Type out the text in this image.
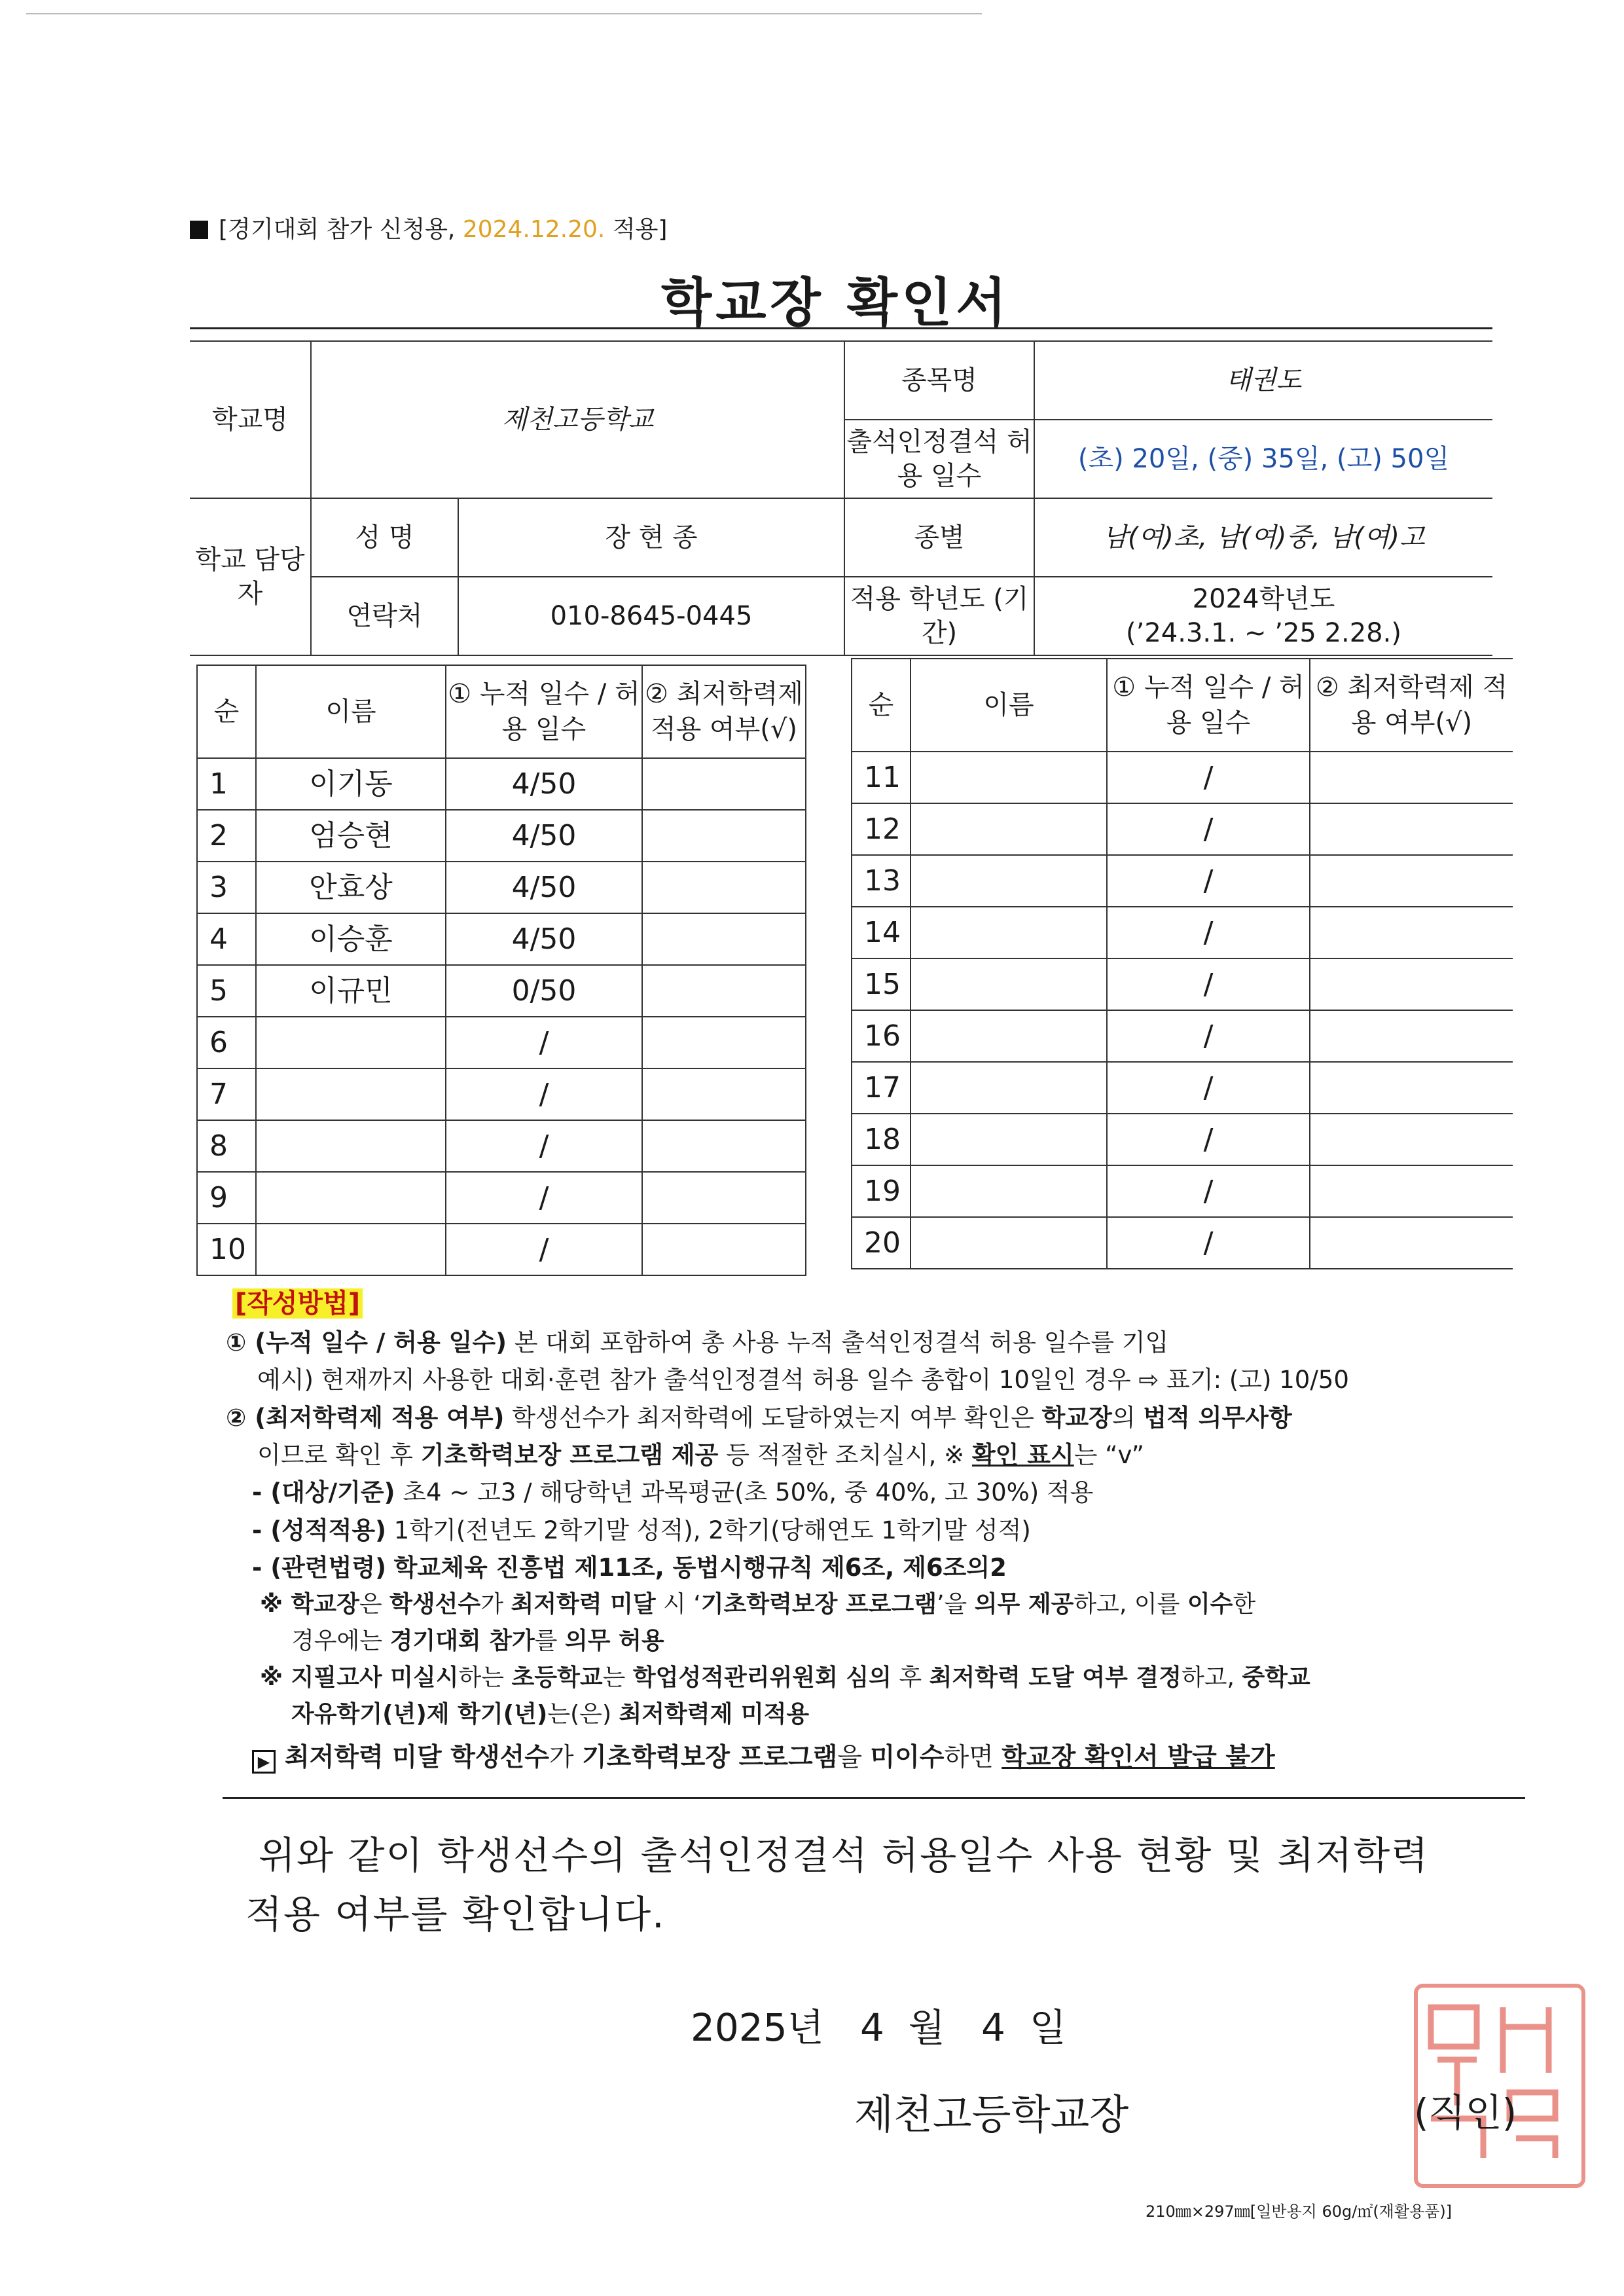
[경기대회 참가 신청용, 2024.12.20. 적용]
학교장 확인서
학교명	제천고등학교		종목명	태권도
			출석인정결석 허용 일수	(초) 20일, (중) 35일, (고) 50일
학교 담당자	성 명	장 현 종	종별	남(여)초, 남(여)중, 남(여)고
	연락처	010-8645-0445	적용 학년도 (기간)	2024학년도
(’24.3.1. ~ ’25 2.28.)
순	이름	① 누적 일수 / 허용 일수	② 최저학력제 적용 여부(√)
1	이기동	4/50	
2	엄승현	4/50	
3	안효상	4/50	
4	이승훈	4/50	
5	이규민	0/50	
6		/	
7		/	
8		/	
9		/	
10		/	
순	이름	① 누적 일수 / 허용 일수	② 최저학력제 적용 여부(√)
11		/	
12		/	
13		/	
14		/	
15		/	
16		/	
17		/	
18		/	
19		/	
20		/	
[작성방법]
① (누적 일수 / 허용 일수) 본 대회 포함하여 총 사용 누적 출석인정결석 허용 일수를 기입
예시) 현재까지 사용한 대회·훈련 참가 출석인정결석 허용 일수 총합이 10일인 경우 ⇨ 표기: (고) 10/50
② (최저학력제 적용 여부) 학생선수가 최저학력에 도달하였는지 여부 확인은 학교장의 법적 의무사항
이므로 확인 후 기초학력보장 프로그램 제공 등 적절한 조치실시, ※ 확인 표시는 “v”
- (대상/기준) 초4 ~ 고3 / 해당학년 과목평균(초 50%, 중 40%, 고 30%) 적용
- (성적적용) 1학기(전년도 2학기말 성적), 2학기(당해연도 1학기말 성적)
- (관련법령) 학교체육 진흥법 제11조, 동법시행규칙 제6조, 제6조의2
※ 학교장은 학생선수가 최저학력 미달 시 ‘기초학력보장 프로그램’을 의무 제공하고, 이를 이수한
경우에는 경기대회 참가를 의무 허용
※ 지필고사 미실시하는 초등학교는 학업성적관리위원회 심의 후 최저학력 도달 여부 결정하고, 중학교
자유학기(년)제 학기(년)는(은) 최저학력제 미적용
▶ 최저학력 미달 학생선수가 기초학력보장 프로그램을 미이수하면 학교장 확인서 발급 불가
위와 같이 학생선수의 출석인정결석 허용일수 사용 현황 및 최저학력
적용 여부를 확인합니다.
2025년   4  월   4  일
제천고등학교장	(직인)
210㎜×297㎜[일반용지 60g/㎡(재활용품)]
